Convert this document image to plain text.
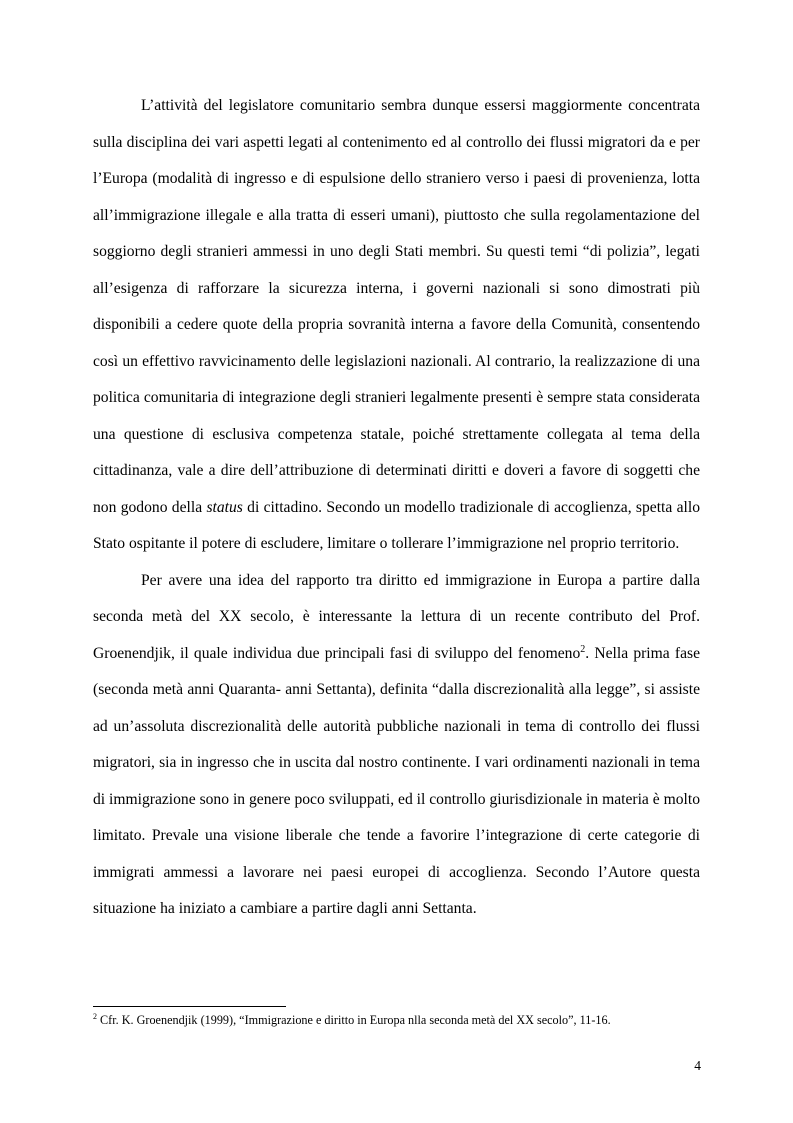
L’attività del legislatore comunitario sembra dunque essersi maggiormente concentrata sulla disciplina dei vari aspetti legati al contenimento ed al controllo dei flussi migratori da e per l’Europa (modalità di ingresso e di espulsione dello straniero verso i paesi di provenienza, lotta all’immigrazione illegale e alla tratta di esseri umani), piuttosto che sulla regolamentazione del soggiorno degli stranieri ammessi in uno degli Stati membri. Su questi temi “di polizia”, legati all’esigenza di rafforzare la sicurezza interna, i governi nazionali si sono dimostrati più disponibili a cedere quote della propria sovranità interna a favore della Comunità, consentendo così un effettivo ravvicinamento delle legislazioni nazionali. Al contrario, la realizzazione di una politica comunitaria di integrazione degli stranieri legalmente presenti è sempre stata considerata una questione di esclusiva competenza statale, poiché strettamente collegata al tema della cittadinanza, vale a dire dell’attribuzione di determinati diritti e doveri a favore di soggetti che non godono della status di cittadino. Secondo un modello tradizionale di accoglienza, spetta allo Stato ospitante il potere di escludere, limitare o tollerare l’immigrazione nel proprio territorio.

Per avere una idea del rapporto tra diritto ed immigrazione in Europa a partire dalla seconda metà del XX secolo, è interessante la lettura di un recente contributo del Prof. Groenendjik, il quale individua due principali fasi di sviluppo del fenomeno$^2$. Nella prima fase (seconda metà anni Quaranta- anni Settanta), definita “dalla discrezionalità alla legge”, si assiste ad un’assoluta discrezionalità delle autorità pubbliche nazionali in tema di controllo dei flussi migratori, sia in ingresso che in uscita dal nostro continente. I vari ordinamenti nazionali in tema di immigrazione sono in genere poco sviluppati, ed il controllo giurisdizionale in materia è molto limitato. Prevale una visione liberale che tende a favorire l’integrazione di certe categorie di immigrati ammessi a lavorare nei paesi europei di accoglienza. Secondo l’Autore questa situazione ha iniziato a cambiare a partire dagli anni Settanta.

$^2$ Cfr. K. Groenendjik (1999), “Immigrazione e diritto in Europa nlla seconda metà del XX secolo”, 11-16.

4
